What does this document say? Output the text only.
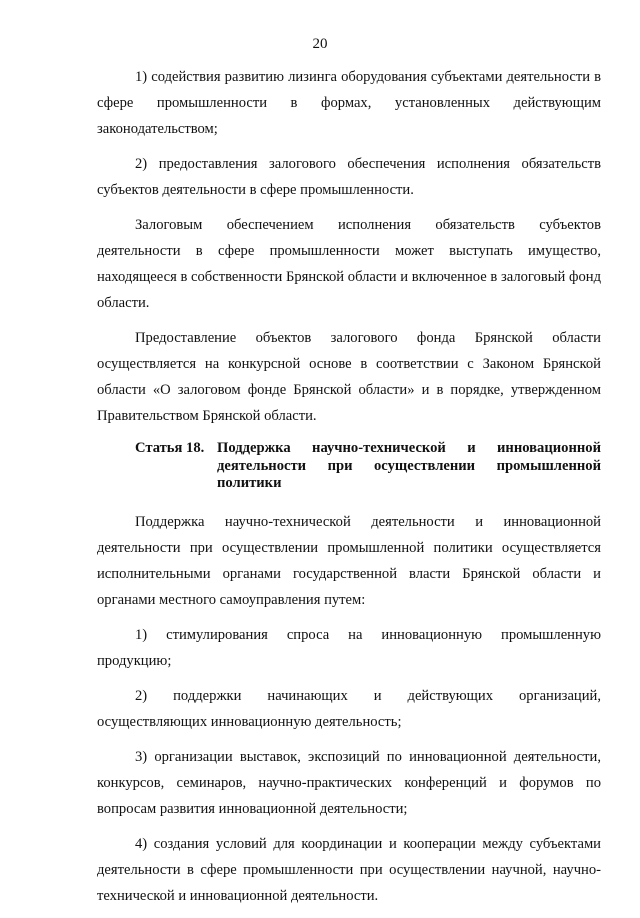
20

1) содействия развитию лизинга оборудования субъектами деятельности в сфере промышленности в формах, установленных действующим законодательством;

2) предоставления залогового обеспечения исполнения обязательств субъектов деятельности в сфере промышленности.

Залоговым обеспечением исполнения обязательств субъектов деятельности в сфере промышленности может выступать имущество, находящееся в собственности Брянской области и включенное в залоговый фонд области.

Предоставление объектов залогового фонда Брянской области осуществляется на конкурсной основе в соответствии с Законом Брянской области «О залоговом фонде Брянской области» и в порядке, утвержденном Правительством Брянской области.

Статья 18. Поддержка научно-технической и инновационной деятельности при осуществлении промышленной политики

Поддержка научно-технической деятельности и инновационной деятельности при осуществлении промышленной политики осуществляется исполнительными органами государственной власти Брянской области и органами местного самоуправления путем:

1) стимулирования спроса на инновационную промышленную продукцию;

2) поддержки начинающих и действующих организаций, осуществляющих инновационную деятельность;

3) организации выставок, экспозиций по инновационной деятельности, конкурсов, семинаров, научно-практических конференций и форумов по вопросам развития инновационной деятельности;

4) создания условий для координации и кооперации между субъектами деятельности в сфере промышленности при осуществлении научной, научно-технической и инновационной деятельности.
